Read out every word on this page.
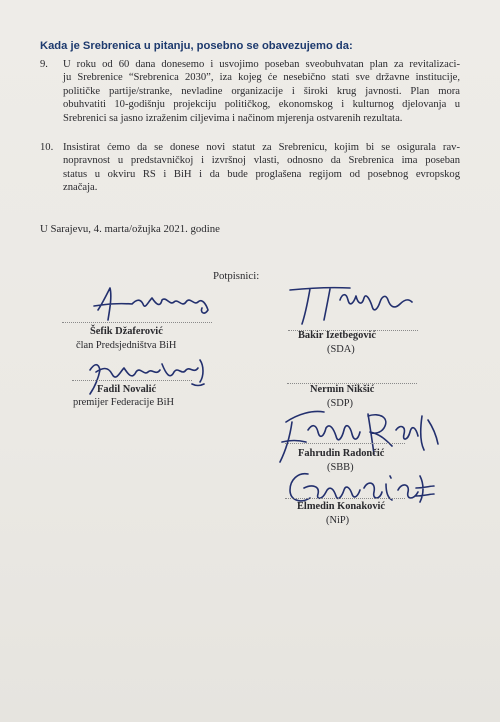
Kada je Srebrenica u pitanju, posebno se obavezujemo da:
9. U roku od 60 dana donesemo i usvojimo poseban sveobuhvatan plan za revitalizaci-
ju Srebrenice “Srebrenica 2030”, iza kojeg će nesebično stati sve državne institucije,
političke partije/stranke, nevladine organizacije i široki krug javnosti. Plan mora
obuhvatiti 10-godišnju projekciju političkog, ekonomskog i kulturnog djelovanja u
Srebrenici sa jasno izraženim ciljevima i načinom mjerenja ostvarenih rezultata.
10. Insistirat ćemo da se donese novi statut za Srebrenicu, kojim bi se osigurala rav-
nopravnost u predstavničkoj i izvršnoj vlasti, odnosno da Srebrenica ima poseban
status u okviru RS i BiH i da bude proglašena regijom od posebnog evropskog
značaja.
U Sarajevu, 4. marta/ožujka 2021. godine
Potpisnici:
Šefik Džaferović
član Predsjedništva BiH
Bakir Izetbegović
(SDA)
Fadil Novalić
premijer Federacije BiH
Nermin Nikšić
(SDP)
Fahrudin Radončić
(SBB)
Elmedin Konaković
(NiP)
